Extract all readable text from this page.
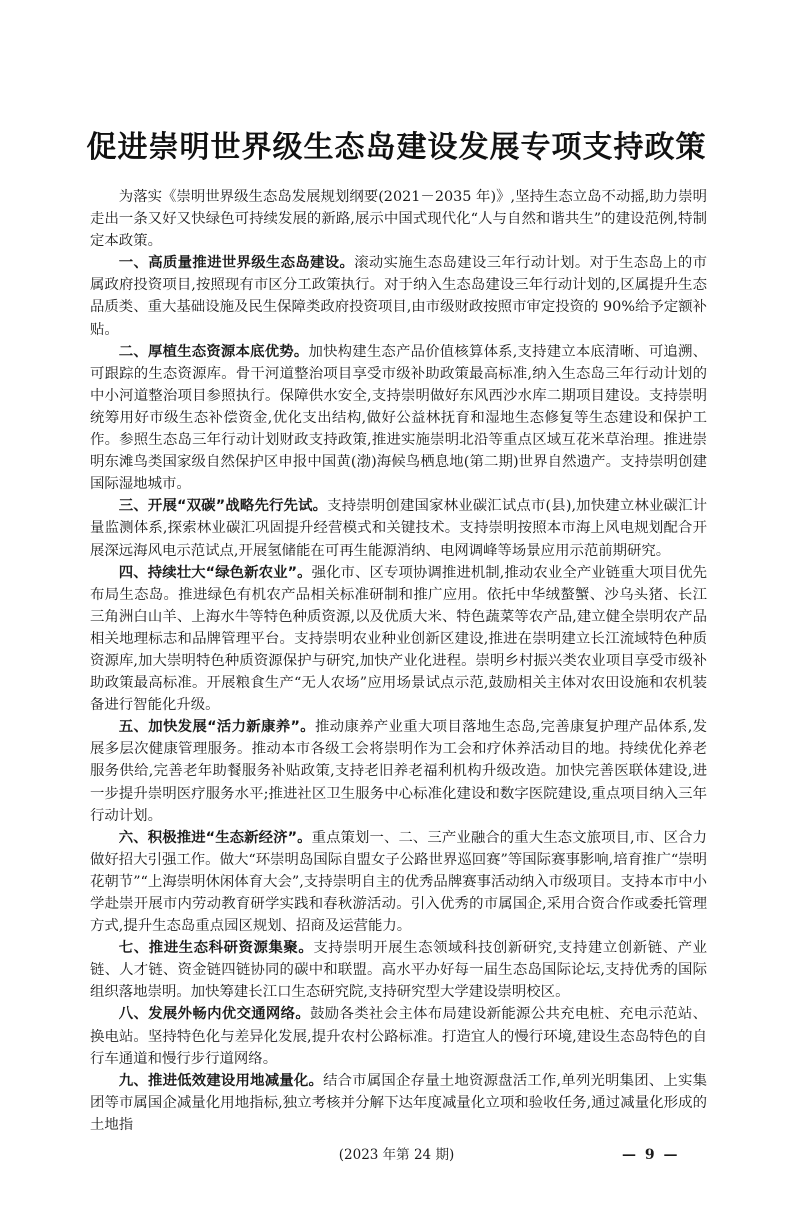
促进崇明世界级生态岛建设发展专项支持政策

为落实《崇明世界级生态岛发展规划纲要(2021－2035 年)》,坚持生态立岛不动摇,助力崇明走出一条又好又快绿色可持续发展的新路,展示中国式现代化“人与自然和谐共生”的建设范例,特制定本政策。

一、高质量推进世界级生态岛建设。滚动实施生态岛建设三年行动计划。对于生态岛上的市属政府投资项目,按照现有市区分工政策执行。对于纳入生态岛建设三年行动计划的,区属提升生态品质类、重大基础设施及民生保障类政府投资项目,由市级财政按照市审定投资的 90%给予定额补贴。

二、厚植生态资源本底优势。加快构建生态产品价值核算体系,支持建立本底清晰、可追溯、可跟踪的生态资源库。骨干河道整治项目享受市级补助政策最高标准,纳入生态岛三年行动计划的中小河道整治项目参照执行。保障供水安全,支持崇明做好东风西沙水库二期项目建设。支持崇明统筹用好市级生态补偿资金,优化支出结构,做好公益林抚育和湿地生态修复等生态建设和保护工作。参照生态岛三年行动计划财政支持政策,推进实施崇明北沿等重点区域互花米草治理。推进崇明东滩鸟类国家级自然保护区申报中国黄(渤)海候鸟栖息地(第二期)世界自然遗产。支持崇明创建国际湿地城市。

三、开展“双碳”战略先行先试。支持崇明创建国家林业碳汇试点市(县),加快建立林业碳汇计量监测体系,探索林业碳汇巩固提升经营模式和关键技术。支持崇明按照本市海上风电规划配合开展深远海风电示范试点,开展氢储能在可再生能源消纳、电网调峰等场景应用示范前期研究。

四、持续壮大“绿色新农业”。强化市、区专项协调推进机制,推动农业全产业链重大项目优先布局生态岛。推进绿色有机农产品相关标准研制和推广应用。依托中华绒螯蟹、沙乌头猪、长江三角洲白山羊、上海水牛等特色种质资源,以及优质大米、特色蔬菜等农产品,建立健全崇明农产品相关地理标志和品牌管理平台。支持崇明农业种业创新区建设,推进在崇明建立长江流域特色种质资源库,加大崇明特色种质资源保护与研究,加快产业化进程。崇明乡村振兴类农业项目享受市级补助政策最高标准。开展粮食生产“无人农场”应用场景试点示范,鼓励相关主体对农田设施和农机装备进行智能化升级。

五、加快发展“活力新康养”。推动康养产业重大项目落地生态岛,完善康复护理产品体系,发展多层次健康管理服务。推动本市各级工会将崇明作为工会和疗休养活动目的地。持续优化养老服务供给,完善老年助餐服务补贴政策,支持老旧养老福利机构升级改造。加快完善医联体建设,进一步提升崇明医疗服务水平;推进社区卫生服务中心标准化建设和数字医院建设,重点项目纳入三年行动计划。

六、积极推进“生态新经济”。重点策划一、二、三产业融合的重大生态文旅项目,市、区合力做好招大引强工作。做大“环崇明岛国际自盟女子公路世界巡回赛”等国际赛事影响,培育推广“崇明花朝节”“上海崇明休闲体育大会”,支持崇明自主的优秀品牌赛事活动纳入市级项目。支持本市中小学赴崇开展市内劳动教育研学实践和春秋游活动。引入优秀的市属国企,采用合资合作或委托管理方式,提升生态岛重点园区规划、招商及运营能力。

七、推进生态科研资源集聚。支持崇明开展生态领域科技创新研究,支持建立创新链、产业链、人才链、资金链四链协同的碳中和联盟。高水平办好每一届生态岛国际论坛,支持优秀的国际组织落地崇明。加快筹建长江口生态研究院,支持研究型大学建设崇明校区。

八、发展外畅内优交通网络。鼓励各类社会主体布局建设新能源公共充电桩、充电示范站、换电站。坚持特色化与差异化发展,提升农村公路标准。打造宜人的慢行环境,建设生态岛特色的自行车通道和慢行步行道网络。

九、推进低效建设用地减量化。结合市属国企存量土地资源盘活工作,单列光明集团、上实集团等市属国企减量化用地指标,独立考核并分解下达年度减量化立项和验收任务,通过减量化形成的土地指

(2023 年第 24 期)	— 9 —
